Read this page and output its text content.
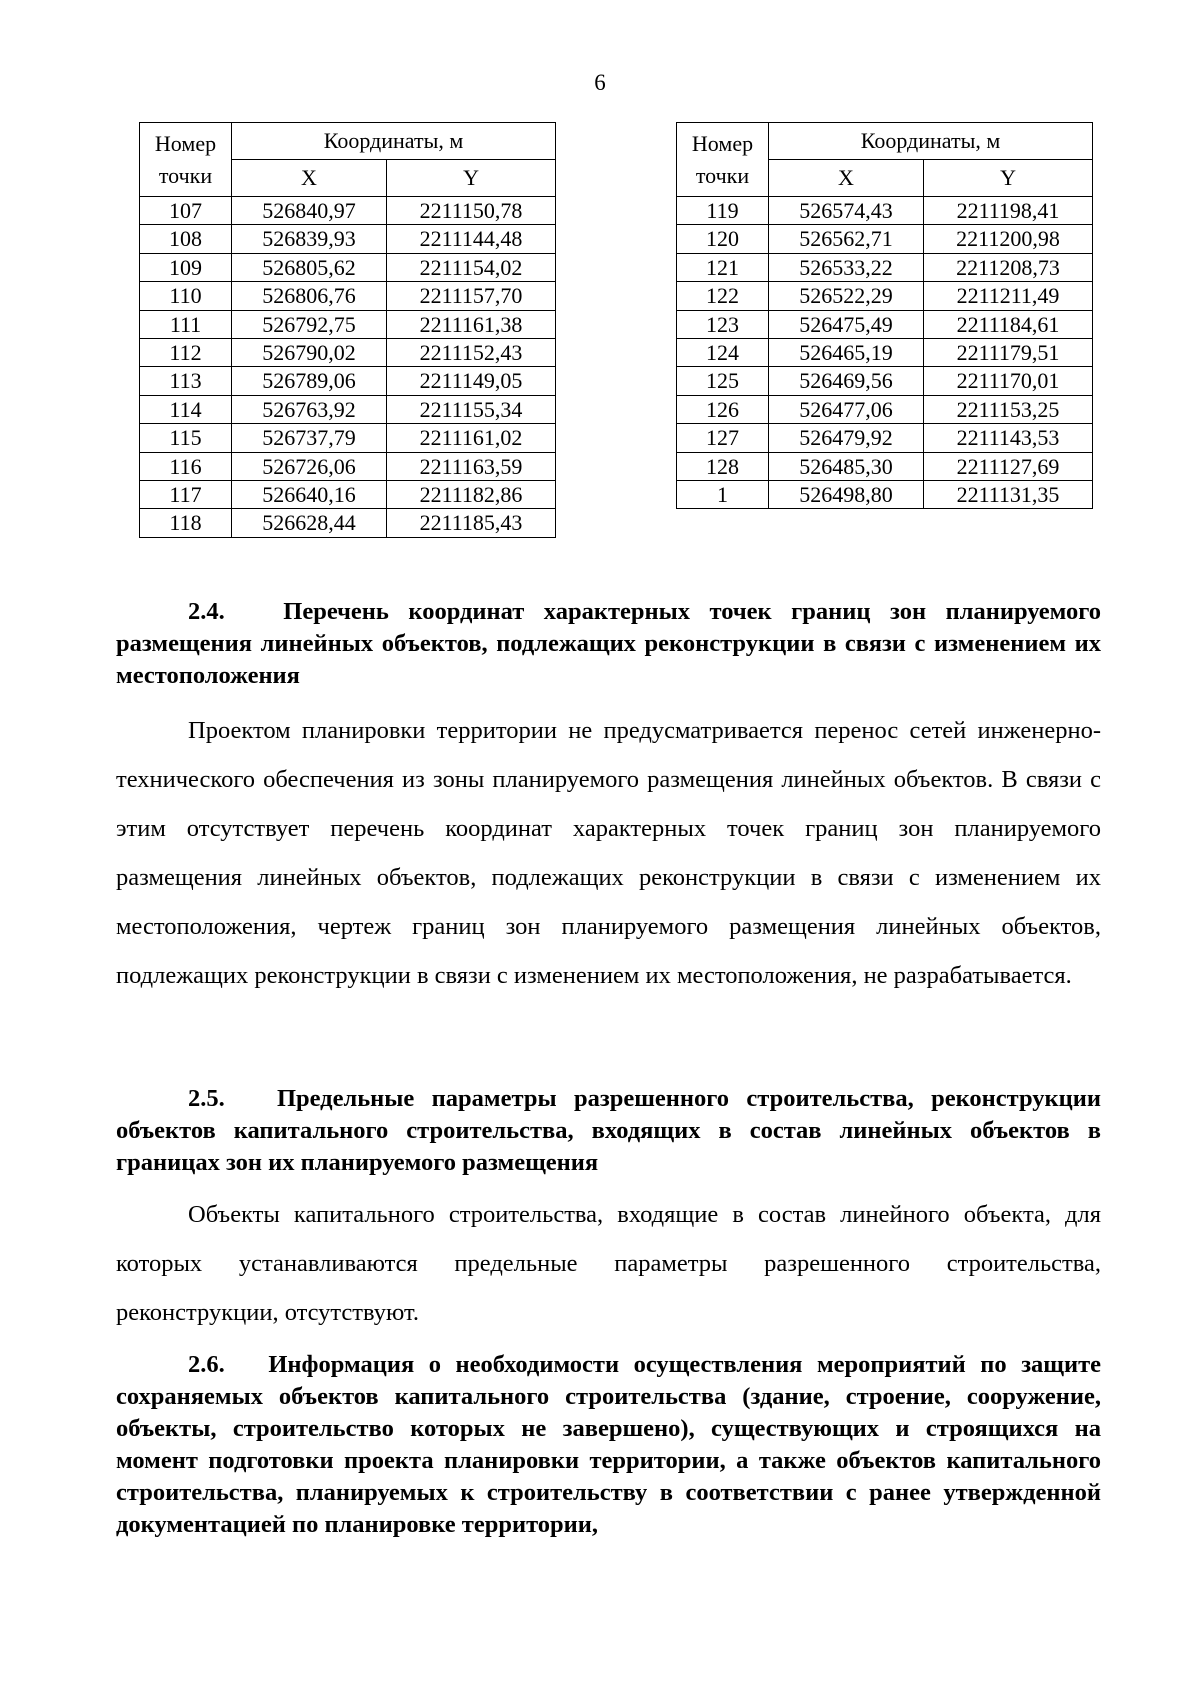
6
Номер точки	Координаты, м	
	X	Y
107	526840,97	2211150,78
108	526839,93	2211144,48
109	526805,62	2211154,02
110	526806,76	2211157,70
111	526792,75	2211161,38
112	526790,02	2211152,43
113	526789,06	2211149,05
114	526763,92	2211155,34
115	526737,79	2211161,02
116	526726,06	2211163,59
117	526640,16	2211182,86
118	526628,44	2211185,43
Номер точки	Координаты, м	
	X	Y
119	526574,43	2211198,41
120	526562,71	2211200,98
121	526533,22	2211208,73
122	526522,29	2211211,49
123	526475,49	2211184,61
124	526465,19	2211179,51
125	526469,56	2211170,01
126	526477,06	2211153,25
127	526479,92	2211143,53
128	526485,30	2211127,69
1	526498,80	2211131,35
2.4. Перечень координат характерных точек границ зон планируемого размещения линейных объектов, подлежащих реконструкции в связи с изменением их местоположения

Проектом планировки территории не предусматривается перенос сетей инженерно-технического обеспечения из зоны планируемого размещения линейных объектов. В связи с этим отсутствует перечень координат характерных точек границ зон планируемого размещения линейных объектов, подлежащих реконструкции в связи с изменением их местоположения, чертеж границ зон планируемого размещения линейных объектов, подлежащих реконструкции в связи с изменением их местоположения, не разрабатывается.

2.5. Предельные параметры разрешенного строительства, реконструкции объектов капитального строительства, входящих в состав линейных объектов в границах зон их планируемого размещения

Объекты капитального строительства, входящие в состав линейного объекта, для которых устанавливаются предельные параметры разрешенного строительства, реконструкции, отсутствуют.

2.6. Информация о необходимости осуществления мероприятий по защите сохраняемых объектов капитального строительства (здание, строение, сооружение, объекты, строительство которых не завершено), существующих и строящихся на момент подготовки проекта планировки территории, а также объектов капитального строительства, планируемых к строительству в соответствии с ранее утвержденной документацией по планировке территории,
